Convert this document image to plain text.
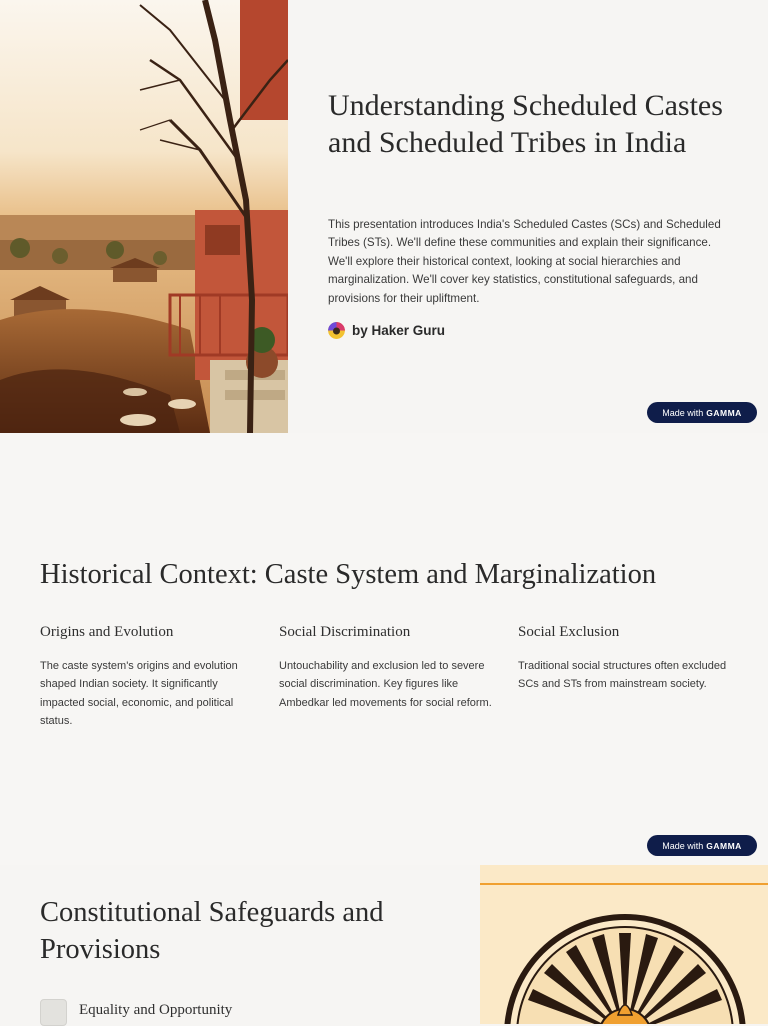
Understanding Scheduled Castes and Scheduled Tribes in India

This presentation introduces India's Scheduled Castes (SCs) and Scheduled Tribes (STs). We'll define these communities and explain their significance. We'll explore their historical context, looking at social hierarchies and marginalization. We'll cover key statistics, constitutional safeguards, and provisions for their upliftment.

by Haker Guru
Made with GAMMA
Historical Context: Caste System and Marginalization
Origins and Evolution

The caste system's origins and evolution shaped Indian society. It significantly impacted social, economic, and political status.

Social Discrimination

Untouchability and exclusion led to severe social discrimination. Key figures like Ambedkar led movements for social reform.

Social Exclusion

Traditional social structures often excluded SCs and STs from mainstream society.

Made with GAMMA
Constitutional Safeguards and Provisions
Equality and Opportunity
